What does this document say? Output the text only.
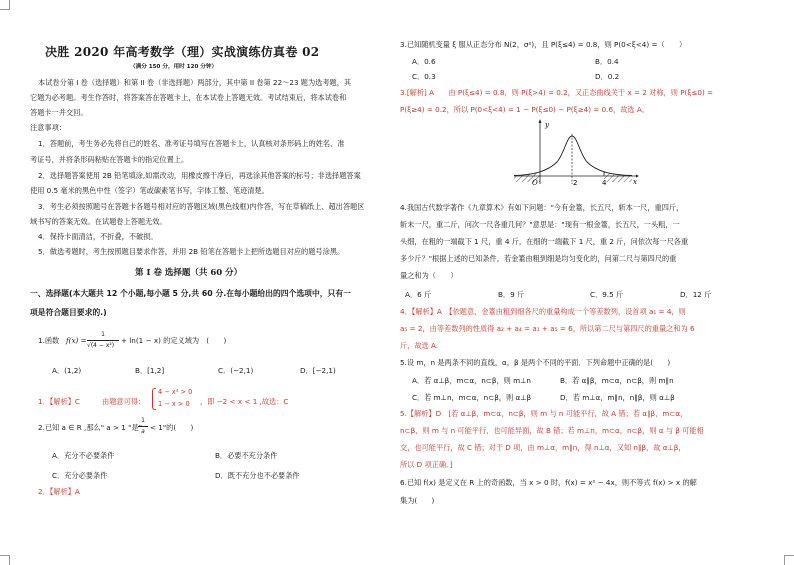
决胜 2020 年高考数学（理）实战演练仿真卷 02
（满分 150 分，用时 120 分钟）
本试卷分第 I 卷（选择题）和第 II 卷（非选择题）两部分，其中第 II 卷第 22～23 题为选考题，其
它题为必考题。考生作答时，将答案答在答题卡上，在本试卷上答题无效。考试结束后，将本试卷和
答题卡一并交回。
注意事项：
1．答题前，考生务必先将自己的姓名、准考证号填写在答题卡上，认真核对条形码上的姓名、准
考证号，并将条形码粘贴在答题卡的指定位置上。
2．选择题答案使用 2B 铅笔填涂,如需改动，用橡皮擦干净后，再选涂其他答案的标号；非选择题答案
使用 0.5 毫米的黑色中性（签字）笔或碳素笔书写，字体工整、笔迹清楚。
3．考生必须按照题号在答题卡各题号相对应的答题区域(黑色线框)内作答，写在草稿纸上、超出答题区
域书写的答案无效。在试题卷上答题无效。
4．保持卡面清洁，不折叠，不破损。
5．做选考题时，考生按照题目要求作答，并用 2B 铅笔在答题卡上把所选题目对应的题号涂黑。
第 I 卷 选择题（共 60 分）
一、选择题(本大题共 12 个小题,每小题 5 分,共 60 分.在每小题给出的四个选项中，只有一
项是符合题目要求的.)
1.函数 f(x) =
1
√(4 − x²)
+ ln(1 − x) 的定义域为　(　　)
A．(1,2)	B．[1,2]	C．(−2,1)	D．[−2,1)
1．【解析】C	由题意可得：
4 − x² > 0
1 − x > 0 ，即 −2 < x < 1 ,故选：C
2.已知 a ∈ R ,那么" a > 1 "是"
1
a < 1"的(　　)
A．充分不必要条件	B．必要不充分条件
C．充分必要条件	D．既不充分也不必要条件
2．【解析】A
3.已知随机变量 ξ 服从正态分布 N(2，σ²)，且 P(ξ≤4) = 0.8，则 P(0<ξ<4) =（　　）
A．0.6	B．0.4
C．0.3	D．0.2
3.[解析] A　　由 P(ξ≤4) = 0.8，则 P(ξ>4) = 0.2，又正态曲线关于 x = 2 对称，则 P(ξ≤0) =
P(ξ≥4) = 0.2，所以 P(0<ξ<4) = 1 − P(ξ≤0) − P(ξ≥4) = 0.6，故选 A。
y
x
O	2	4
4.我国古代数学著作《九章算术》有如下问题："今有金箠，长五尺，斩本一尺，重四斤，
斩末一尺，重二斤，问次一尺各重几何？"意思是："现有一根金箠，长五尺，一头粗，一
头细，在粗的一端截下 1 尺，重 4 斤，在细的一端截下 1 尺，重 2 斤，问依次每一尺各重
多少斤？"根据上述的已知条件，若金箠由粗到细是均匀变化的，问第二尺与第四尺的重
量之和为（　　）
A．6 斤	B．9 斤	C．9.5 斤	D．12 斤
4．【解析】A　【依题意，金箠由粗到细各尺的重量构成一个等差数列，设首项 a₁ = 4，则
a₅ = 2，由等差数列的性质得 a₂ + a₄ = a₁ + a₅ = 6，所以第二尺与第四尺的重量之和为 6
斤，故选 A.
5.设 m，n 是两条不同的直线，α，β 是两个不同的平面．下列命题中正确的是(　　)
A．若 α⊥β，m⊂α，n⊂β，则 m⊥n	B．若 α∥β，m⊂α，n⊂β，则 m∥n
C．若 m⊥n，m⊂α，n⊂β，则 α⊥β	D．若 m⊥α，m∥n，n∥β，则 α⊥β
5.【解析】D　[若 α⊥β，m⊂α，n⊂β，则 m 与 n 可能平行，故 A 错；若 α∥β，m⊂α，
n⊂β，则 m 与 n 可能平行，也可能异面，故 B 错；若 m⊥n，m⊂α，n⊂β，则 α 与 β 可能相
交，也可能平行，故 C 错；对于 D 项，由 m⊥α，m∥n，得 n⊥α，又知 n∥β，故 α⊥β，
所以 D 项正确．]
6.已知 f(x) 是定义在 R 上的奇函数，当 x > 0 时，f(x) = x² − 4x，则不等式 f(x) > x 的解
集为(　　)
